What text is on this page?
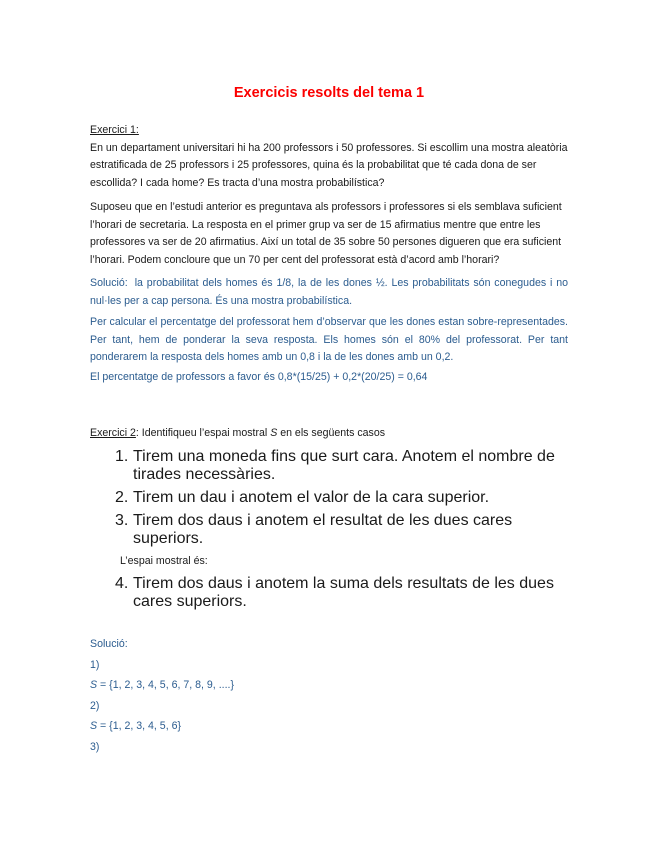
Exercicis resolts del tema 1

Exercici 1:

En un departament universitari hi ha 200 professors i 50 professores. Si escollim una mostra aleatòria estratificada de 25 professors i 25 professores, quina és la probabilitat que té cada dona de ser escollida? I cada home? Es tracta d’una mostra probabilística?

Suposeu que en l’estudi anterior es preguntava als professors i professores si els semblava suficient l’horari de secretaria. La resposta en el primer grup va ser de 15 afirmatius mentre que entre les professores va ser de 20 afirmatius. Així un total de 35 sobre 50 persones digueren que era suficient l’horari. Podem concloure que un 70 per cent del professorat està d’acord amb l’horari?

Solució: la probabilitat dels homes és 1/8, la de les dones ½. Les probabilitats són conegudes i no nul·les per a cap persona. És una mostra probabilística.

Per calcular el percentatge del professorat hem d’observar que les dones estan sobre-representades. Per tant, hem de ponderar la seva resposta. Els homes són el 80% del professorat. Per tant ponderarem la resposta dels homes amb un 0,8 i la de les dones amb un 0,2.

El percentatge de professors a favor és 0,8*(15/25) + 0,2*(20/25) = 0,64

Exercici 2: Identifiqueu l’espai mostral S en els següents casos

1. Tirem una moneda fins que surt cara. Anotem el nombre de tirades necessàries.
2. Tirem un dau i anotem el valor de la cara superior.
3. Tirem dos daus i anotem el resultat de les dues cares superiors.

L’espai mostral és:

4. Tirem dos daus i anotem la suma dels resultats de les dues cares superiors.

Solució:

1)

S = {1, 2, 3, 4, 5, 6, 7, 8, 9, ....}

2)

S = {1, 2, 3, 4, 5, 6}

3)
